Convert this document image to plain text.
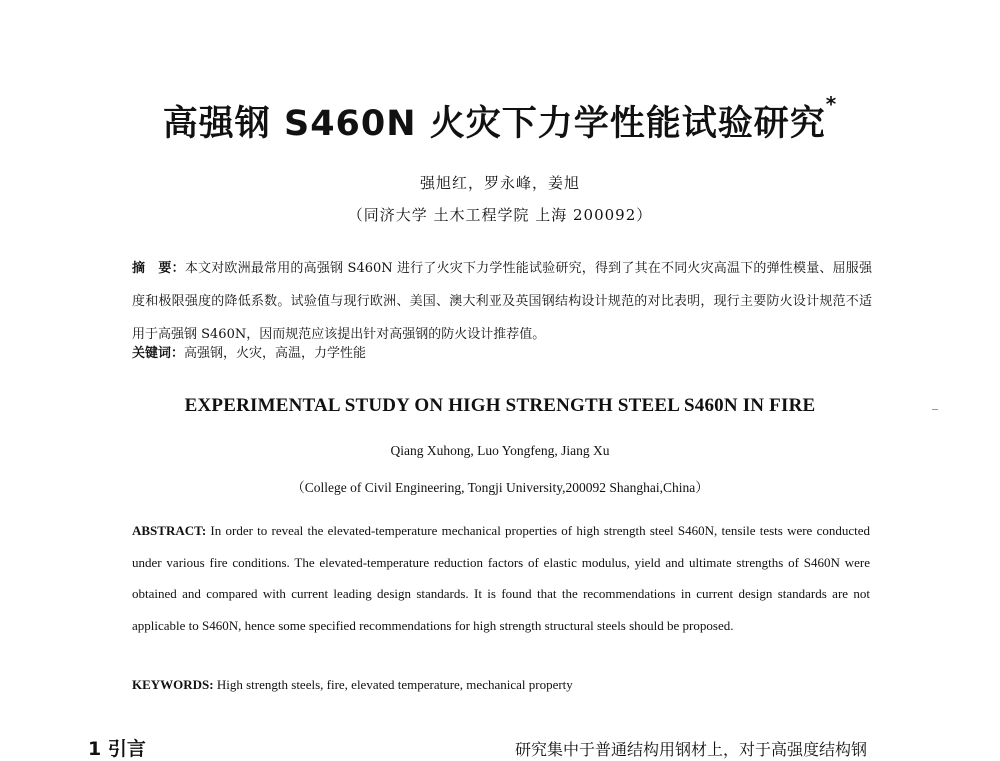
高强钢 S460N 火灾下力学性能试验研究*
强旭红，罗永峰，姜旭
（同济大学 土木工程学院 上海 200092）
摘　要：本文对欧洲最常用的高强钢 S460N 进行了火灾下力学性能试验研究，得到了其在不同火灾高温下的弹性模量、屈服强度和极限强度的降低系数。试验值与现行欧洲、美国、澳大利亚及英国钢结构设计规范的对比表明，现行主要防火设计规范不适用于高强钢 S460N，因而规范应该提出针对高强钢的防火设计推荐值。
关键词：高强钢，火灾，高温，力学性能
EXPERIMENTAL STUDY ON HIGH STRENGTH STEEL S460N IN FIRE
Qiang Xuhong, Luo Yongfeng, Jiang Xu
（College of Civil Engineering, Tongji University,200092 Shanghai,China）
ABSTRACT: In order to reveal the elevated-temperature mechanical properties of high strength steel S460N, tensile tests were conducted under various fire conditions. The elevated-temperature reduction factors of elastic modulus, yield and ultimate strengths of S460N were obtained and compared with current leading design standards. It is found that the recommendations in current design standards are not applicable to S460N, hence some specified recommendations for high strength structural steels should be proposed.
KEYWORDS: High strength steels, fire, elevated temperature, mechanical property
1 引言	研究集中于普通结构用钢材上，对于高强度结构钢
